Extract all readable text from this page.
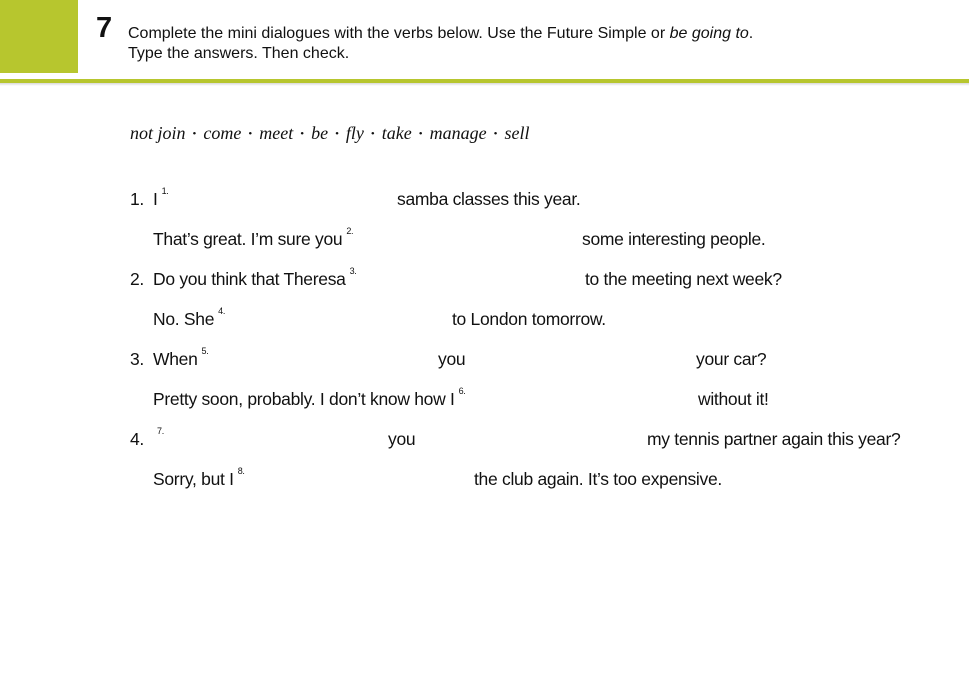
7 Complete the mini dialogues with the verbs below. Use the Future Simple or be going to.
Type the answers. Then check.
not join • come • meet • be • fly • take • manage • sell
1. I $^{1.}$	samba classes this year.
That’s great. I’m sure you $^{2.}$	some interesting people.
2. Do you think that Theresa $^{3.}$	to the meeting next week?
No. She $^{4.}$	to London tomorrow.
3. When $^{5.}$	you	your car?
Pretty soon, probably. I don’t know how I $^{6.}$	without it!
4.	$^{7.}$	you	my tennis partner again this year?
Sorry, but I $^{8.}$	the club again. It’s too expensive.
